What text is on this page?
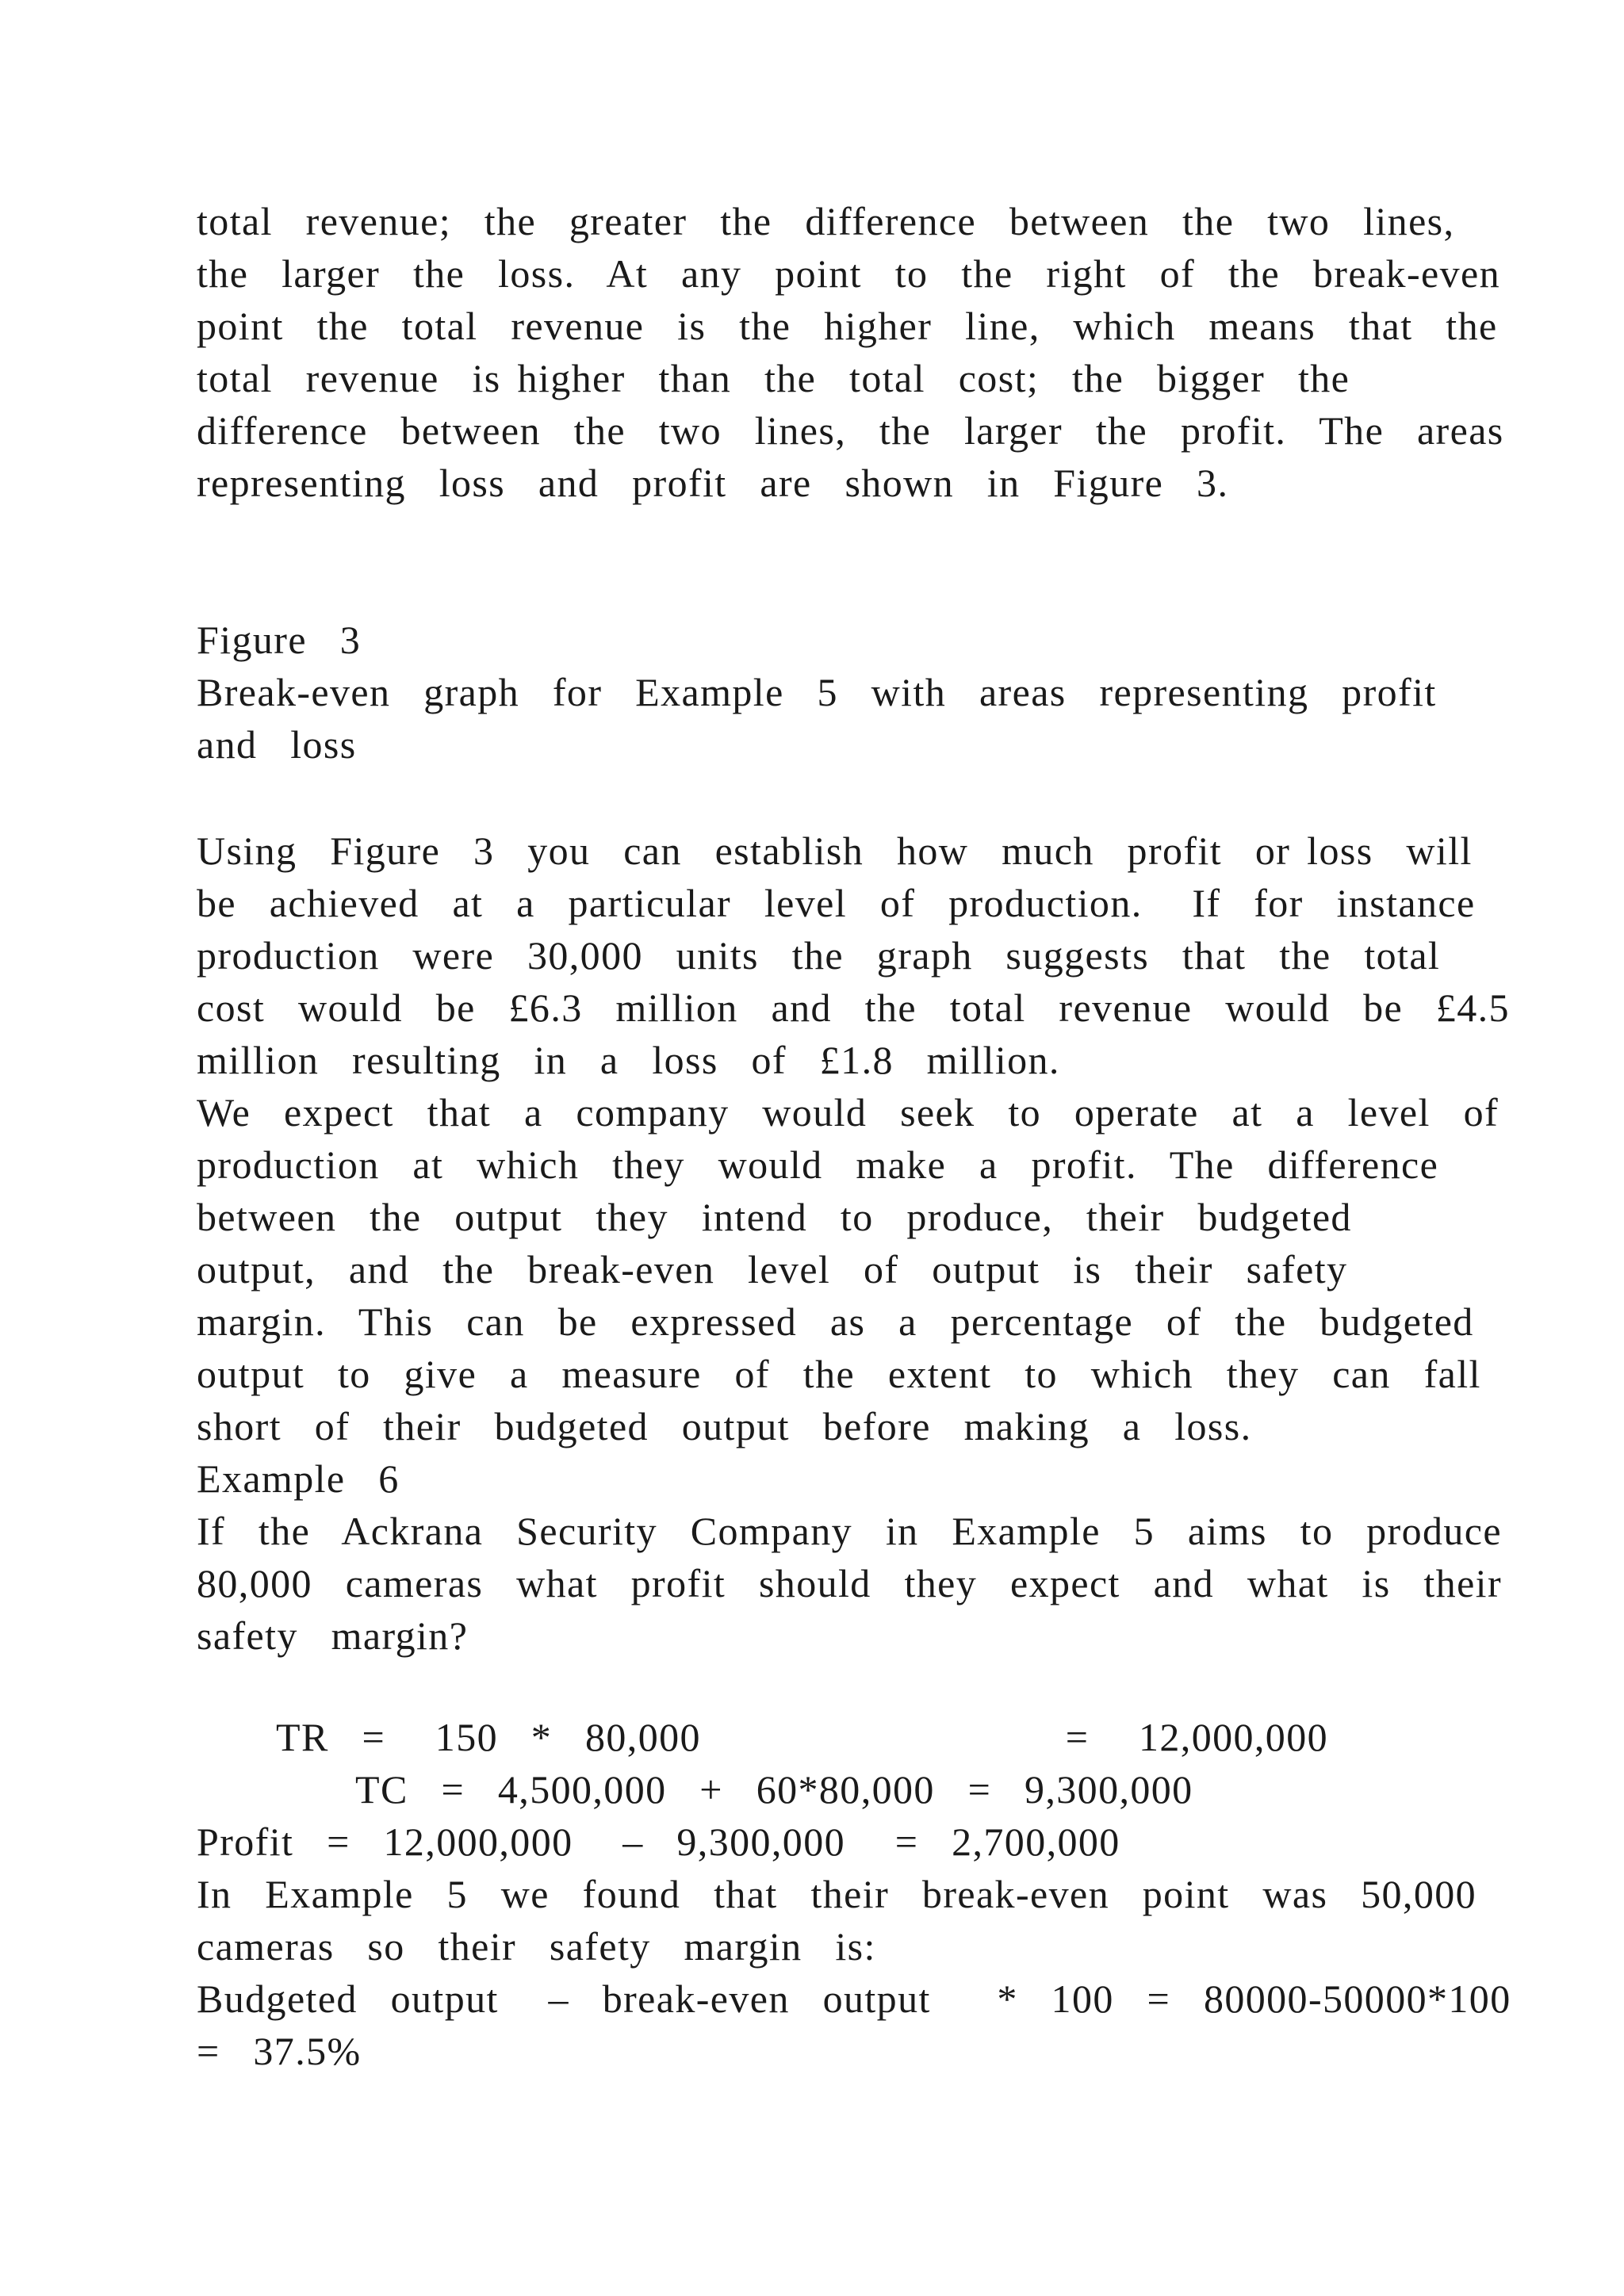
total  revenue;  the  greater  the  difference  between  the  two  lines,
the  larger  the  loss.  At  any  point  to  the  right  of  the  break-even
point  the  total  revenue  is  the  higher  line,  which  means  that  the
total  revenue  is higher  than  the  total  cost;  the  bigger  the
difference  between  the  two  lines,  the  larger  the  profit.  The  areas
representing  loss  and  profit  are  shown  in  Figure  3.
Figure  3
Break-even  graph  for  Example  5  with  areas  representing  profit
and  loss
Using  Figure  3  you  can  establish  how  much  profit  or loss  will
be  achieved  at  a  particular  level  of  production.   If  for  instance
production  were  30,000  units  the  graph  suggests  that  the  total
cost  would  be  £6.3  million  and  the  total  revenue  would  be  £4.5
million  resulting  in  a  loss  of  £1.8  million.
We  expect  that  a  company  would  seek  to  operate  at  a  level  of
production  at  which  they  would  make  a  profit.  The  difference
between  the  output  they  intend  to  produce,  their  budgeted
output,  and  the  break-even  level  of  output  is  their  safety
margin.  This  can  be  expressed  as  a  percentage  of  the  budgeted
output  to  give  a  measure  of  the  extent  to  which  they  can  fall
short  of  their  budgeted  output  before  making  a  loss.
Example  6
If  the  Ackrana  Security  Company  in  Example  5  aims  to  produce
80,000  cameras  what  profit  should  they  expect  and  what  is  their
safety  margin?
TR  =   150  *  80,000                      =   12,000,000
TC  =  4,500,000  +  60*80,000  =  9,300,000
Profit  =  12,000,000   –  9,300,000   =  2,700,000
In  Example  5  we  found  that  their  break-even  point  was  50,000
cameras  so  their  safety  margin  is:
Budgeted  output   –  break-even  output    *  100  =  80000-50000*100
=  37.5%
